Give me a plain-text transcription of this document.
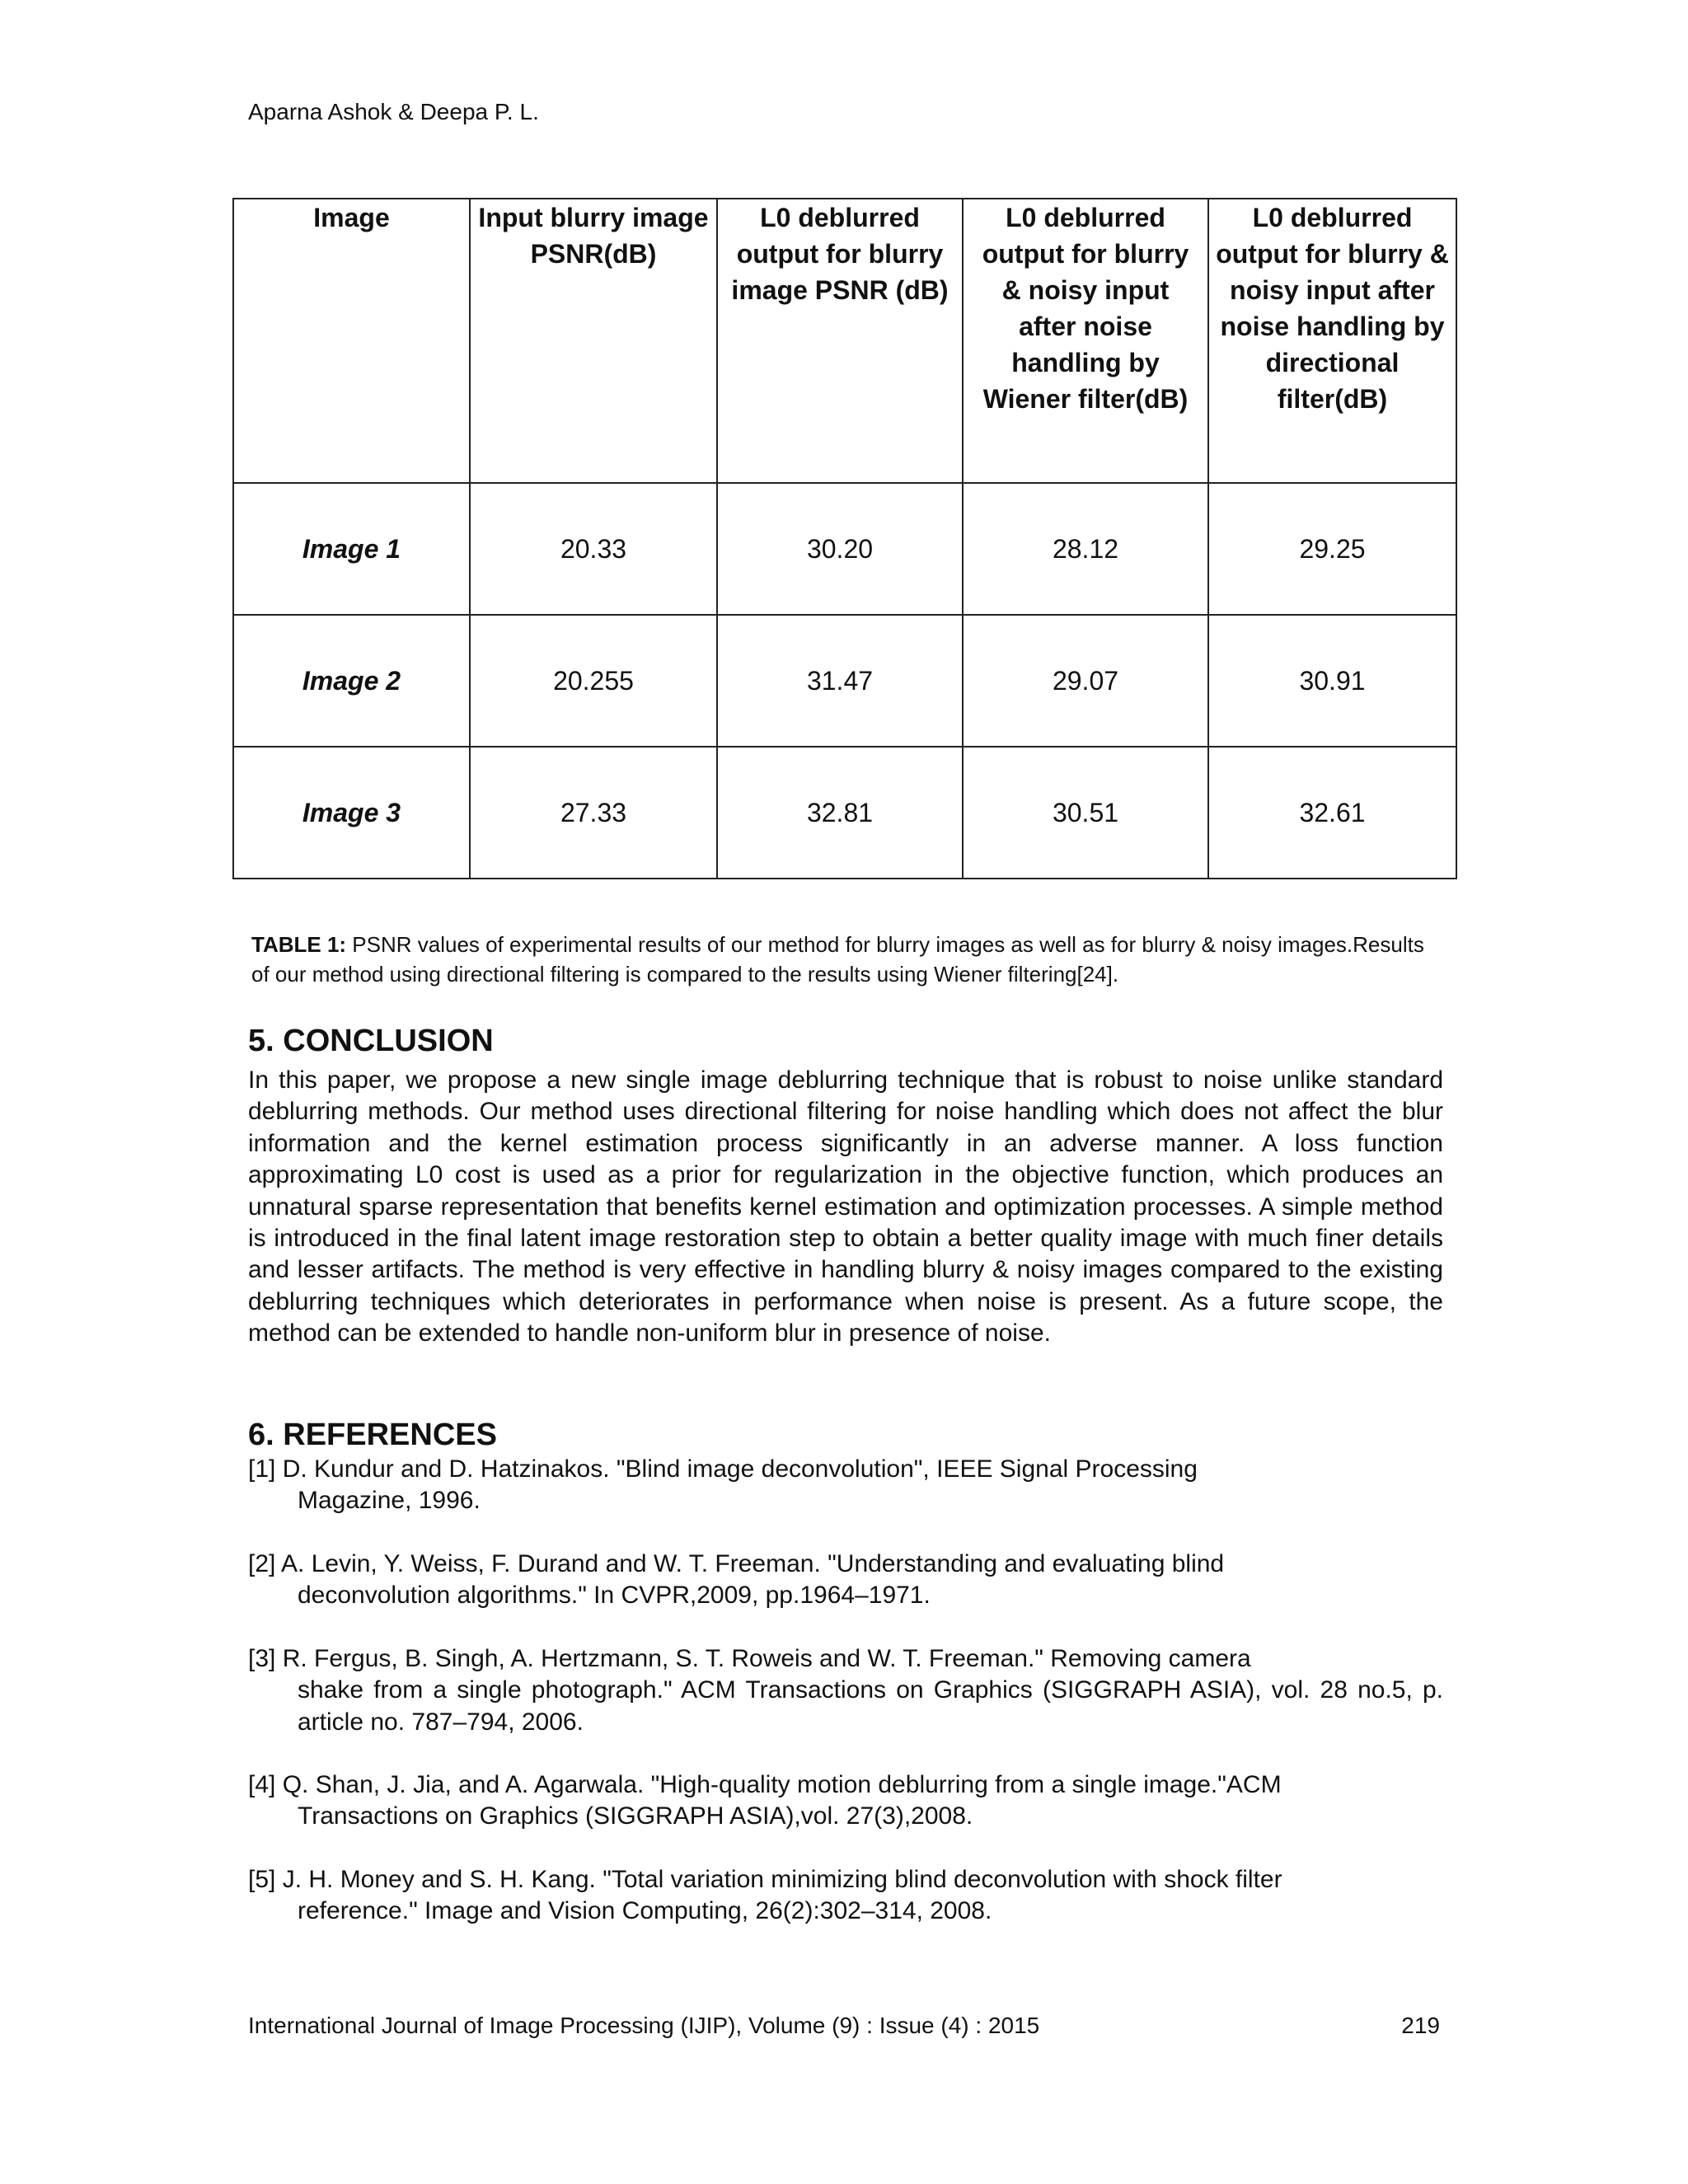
Aparna Ashok & Deepa P. L.
Image	Input blurry image PSNR(dB)	L0 deblurred output for blurry image PSNR (dB)	L0 deblurred output for blurry & noisy input after noise handling by Wiener filter(dB)	L0 deblurred output for blurry & noisy input after noise handling by directional filter(dB)
Image 1	20.33	30.20	28.12	29.25
Image 2	20.255	31.47	29.07	30.91
Image 3	27.33	32.81	30.51	32.61
TABLE 1: PSNR values of experimental results of our method for blurry images as well as for blurry & noisy images.Results of our method using directional filtering is compared to the results using Wiener filtering[24].
5. CONCLUSION
In this paper, we propose a new single image deblurring technique that is robust to noise unlike standard deblurring methods. Our method uses directional filtering for noise handling which does not affect the blur information and the kernel estimation process significantly in an adverse manner. A loss function approximating L0 cost is used as a prior for regularization in the objective function, which produces an unnatural sparse representation that benefits kernel estimation and optimization processes. A simple method is introduced in the final latent image restoration step to obtain a better quality image with much finer details and lesser artifacts. The method is very effective in handling blurry & noisy images compared to the existing deblurring techniques which deteriorates in performance when noise is present. As a future scope, the method can be extended to handle non-uniform blur in presence of noise.
6. REFERENCES
[1] D. Kundur and D. Hatzinakos. "Blind image deconvolution", IEEE Signal Processing
Magazine, 1996.
[2] A. Levin, Y. Weiss, F. Durand and W. T. Freeman. "Understanding and evaluating blind
deconvolution algorithms." In CVPR,2009, pp.1964–1971.
[3] R. Fergus, B. Singh, A. Hertzmann, S. T. Roweis and W. T. Freeman." Removing camera
shake from a single photograph." ACM Transactions on Graphics (SIGGRAPH ASIA), vol. 28 no.5, p. article no. 787–794, 2006.
[4] Q. Shan, J. Jia, and A. Agarwala. "High-quality motion deblurring from a single image."ACM
Transactions on Graphics (SIGGRAPH ASIA),vol. 27(3),2008.
[5] J. H. Money and S. H. Kang. "Total variation minimizing blind deconvolution with shock filter
reference." Image and Vision Computing, 26(2):302–314, 2008.
International Journal of Image Processing (IJIP), Volume (9) : Issue (4) : 2015	219
